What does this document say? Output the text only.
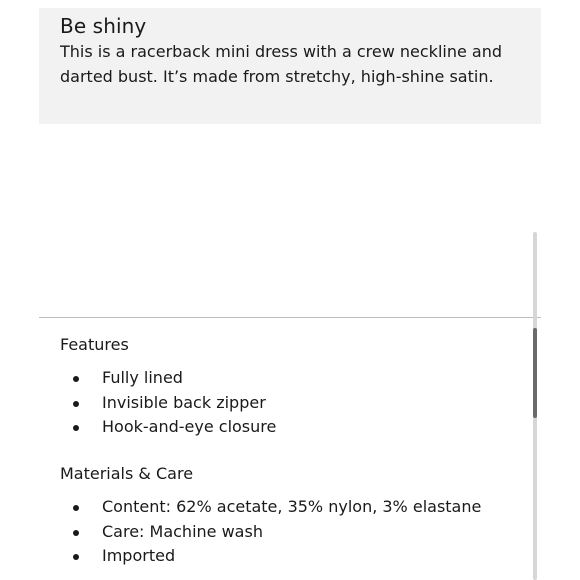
Be shiny
This is a racerback mini dress with a crew neckline and darted bust. It’s made from stretchy, high-shine satin.
Features
Fully lined
Invisible back zipper
Hook-and-eye closure
Materials & Care
Content: 62% acetate, 35% nylon, 3% elastane
Care: Machine wash
Imported
